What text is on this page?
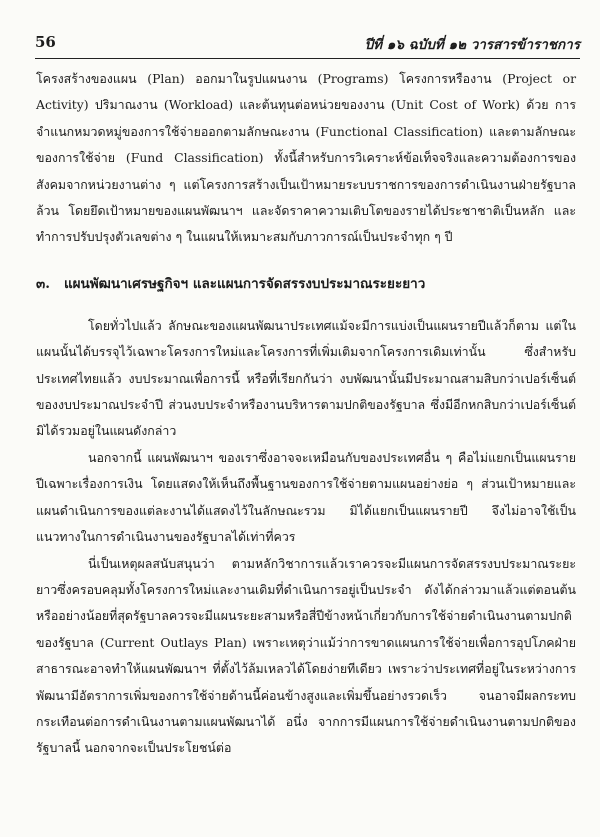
56	ปีที่ ๑๖ ฉบับที่ ๑๒ วารสารข้าราชการ

โครงสร้างของแผน (Plan) ออกมาในรูปแผนงาน (Programs) โครงการหรืองาน (Project or Activity) ปริมาณงาน (Workload) และต้นทุนต่อหน่วยของงาน (Unit Cost of Work) ด้วย การจำแนกหมวดหมู่ของการใช้จ่ายออกตามลักษณะงาน (Functional Classification) และตามลักษณะของการใช้จ่าย (Fund Classification) ทั้งนี้สำหรับการวิเคราะห์ข้อเท็จจริงและความต้องการของสังคมจากหน่วยงานต่าง ๆ แต่โครงการสร้างเป็นเป้าหมายระบบราชการของการดำเนินงานฝ่ายรัฐบาลล้วน โดยยึดเป้าหมายของแผนพัฒนาฯ และจัดราคาความเติบโตของรายได้ประชาชาติเป็นหลัก และทำการปรับปรุงตัวเลขต่าง ๆ ในแผนให้เหมาะสมกับภาวการณ์เป็นประจำทุก ๆ ปี

๓. แผนพัฒนาเศรษฐกิจฯ และแผนการจัดสรรงบประมาณระยะยาว

โดยทั่วไปแล้ว ลักษณะของแผนพัฒนาประเทศแม้จะมีการแบ่งเป็นแผนรายปีแล้วก็ตาม แต่ในแผนนั้นได้บรรจุไว้เฉพาะโครงการใหม่และโครงการที่เพิ่มเติมจากโครงการเดิมเท่านั้น ซึ่งสำหรับประเทศไทยแล้ว งบประมาณเพื่อการนี้ หรือที่เรียกกันว่า งบพัฒนานั้นมีประมาณสามสิบกว่าเปอร์เซ็นต์ของงบประมาณประจำปี ส่วนงบประจำหรืองานบริหารตามปกติของรัฐบาล ซึ่งมีอีกหกสิบกว่าเปอร์เซ็นต์มิได้รวมอยู่ในแผนดังกล่าว

นอกจากนี้ แผนพัฒนาฯ ของเราซึ่งอาจจะเหมือนกับของประเทศอื่น ๆ คือไม่แยกเป็นแผนรายปีเฉพาะเรื่องการเงิน โดยแสดงให้เห็นถึงพื้นฐานของการใช้จ่ายตามแผนอย่างย่อ ๆ ส่วนเป้าหมายและแผนดำเนินการของแต่ละงานได้แสดงไว้ในลักษณะรวม มิได้แยกเป็นแผนรายปี จึงไม่อาจใช้เป็นแนวทางในการดำเนินงานของรัฐบาลได้เท่าที่ควร

นี่เป็นเหตุผลสนับสนุนว่า ตามหลักวิชาการแล้วเราควรจะมีแผนการจัดสรรงบประมาณระยะยาวซึ่งครอบคลุมทั้งโครงการใหม่และงานเดิมที่ดำเนินการอยู่เป็นประจำ ดังได้กล่าวมาแล้วแต่ตอนต้น หรืออย่างน้อยที่สุดรัฐบาลควรจะมีแผนระยะสามหรือสี่ปีข้างหน้าเกี่ยวกับการใช้จ่ายดำเนินงานตามปกติของรัฐบาล (Current Outlays Plan) เพราะเหตุว่าแม้ว่าการขาดแผนการใช้จ่ายเพื่อการอุปโภคฝ่ายสาธารณะอาจทำให้แผนพัฒนาฯ ที่ตั้งไว้ล้มเหลวได้โดยง่ายทีเดียว เพราะว่าประเทศที่อยู่ในระหว่างการพัฒนามีอัตราการเพิ่มของการใช้จ่ายด้านนี้ค่อนข้างสูงและเพิ่มขึ้นอย่างรวดเร็ว จนอาจมีผลกระทบกระเทือนต่อการดำเนินงานตามแผนพัฒนาได้ อนึ่ง จากการมีแผนการใช้จ่ายดำเนินงานตามปกติของรัฐบาลนี้ นอกจากจะเป็นประโยชน์ต่อ
